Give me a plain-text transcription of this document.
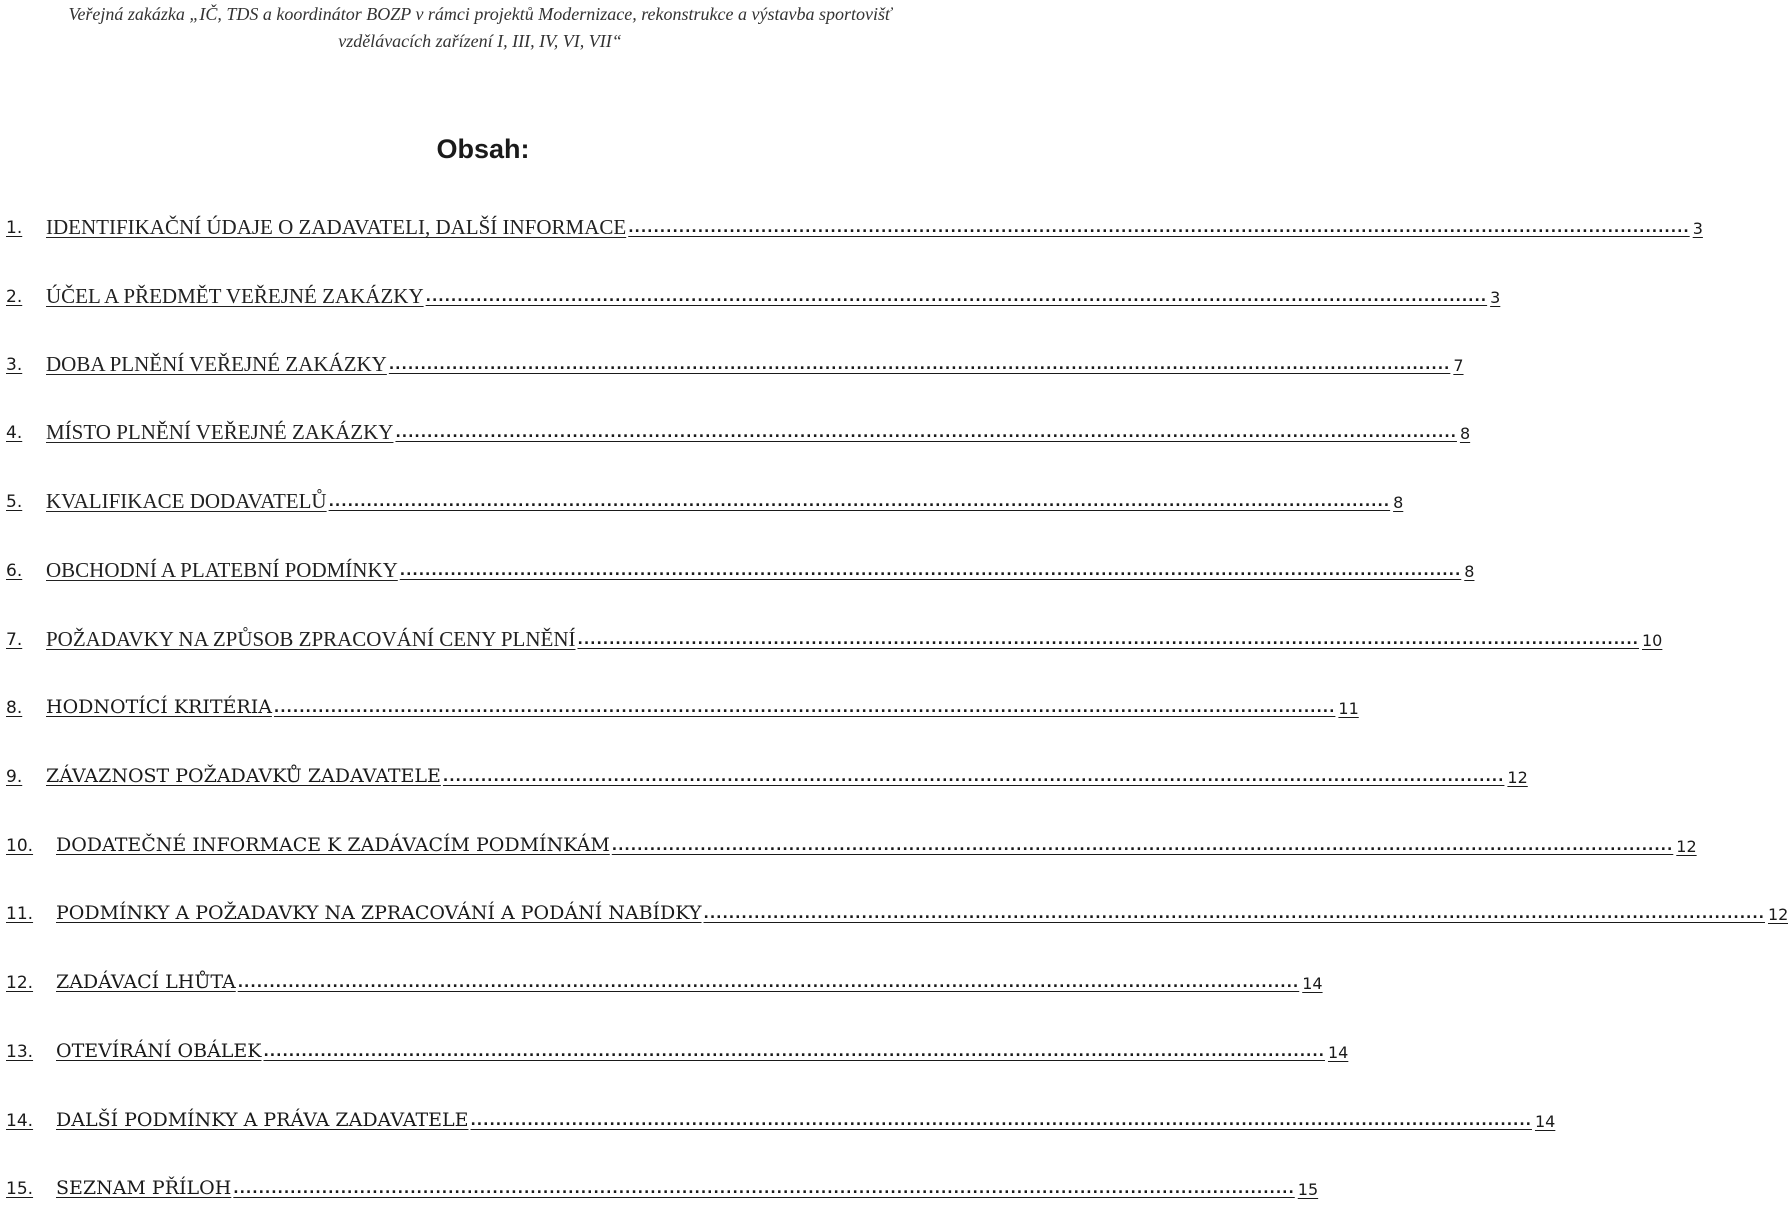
Veřejná zakázka „IČ, TDS a koordinátor BOZP v rámci projektů Modernizace, rekonstrukce a výstavba sportovišť
vzdělávacích zařízení I, III, IV, VI, VII“
Obsah:
1.	IDENTIFIKAČNÍ ÚDAJE O ZADAVATELI, DALŠÍ INFORMACE ........................................................................................................................................................................ 3
2.	ÚČEL A PŘEDMĚT VEŘEJNÉ ZAKÁZKY ........................................................................................................................................................................ 3
3.	DOBA PLNĚNÍ VEŘEJNÉ ZAKÁZKY ........................................................................................................................................................................ 7
4.	MÍSTO PLNĚNÍ VEŘEJNÉ ZAKÁZKY ........................................................................................................................................................................ 8
5.	KVALIFIKACE DODAVATELŮ ........................................................................................................................................................................ 8
6.	OBCHODNÍ A PLATEBNÍ PODMÍNKY ........................................................................................................................................................................ 8
7.	POŽADAVKY NA ZPŮSOB ZPRACOVÁNÍ CENY PLNĚNÍ ........................................................................................................................................................................ 10
8.	HODNOTÍCÍ KRITÉRIA ........................................................................................................................................................................ 11
9.	ZÁVAZNOST POŽADAVKŮ ZADAVATELE ........................................................................................................................................................................ 12
10.	DODATEČNÉ INFORMACE K ZADÁVACÍM PODMÍNKÁM ........................................................................................................................................................................ 12
11.	PODMÍNKY A POŽADAVKY NA ZPRACOVÁNÍ A PODÁNÍ NABÍDKY ........................................................................................................................................................................ 12
12.	ZADÁVACÍ LHŮTA ........................................................................................................................................................................ 14
13.	OTEVÍRÁNÍ OBÁLEK ........................................................................................................................................................................ 14
14.	DALŠÍ PODMÍNKY A PRÁVA ZADAVATELE ........................................................................................................................................................................ 14
15.	SEZNAM PŘÍLOH ........................................................................................................................................................................ 15
